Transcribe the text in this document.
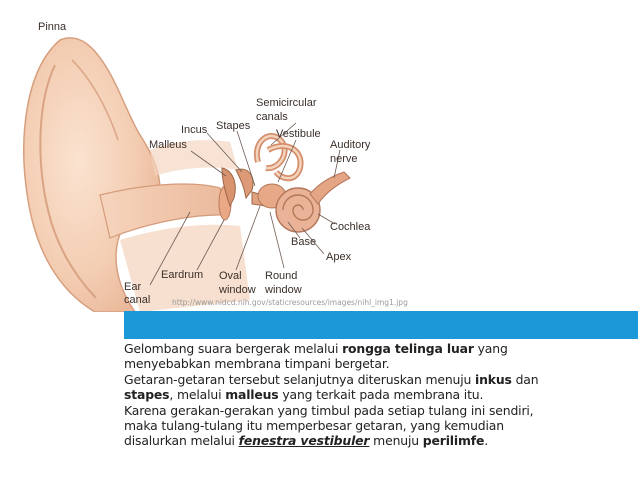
Pinna
Semicircular
canals
Incus Stapes
Vestibule
Malleus	Auditory
nerve
Cochlea
Base
Apex
Eardrum Oval
window
Round
window
Ear
canal	http://www.nidcd.nih.gov/staticresources/images/nihl_img1.jpg
Gelombang suara bergerak melalui rongga telinga luar yang
menyebabkan membrana timpani bergetar.
Getaran-getaran tersebut selanjutnya diteruskan menuju inkus dan
stapes, melalui malleus yang terkait pada membrana itu.
Karena gerakan-gerakan yang timbul pada setiap tulang ini sendiri,
maka tulang-tulang itu memperbesar getaran, yang kemudian
disalurkan melalui fenestra vestibuler menuju perilimfe.
